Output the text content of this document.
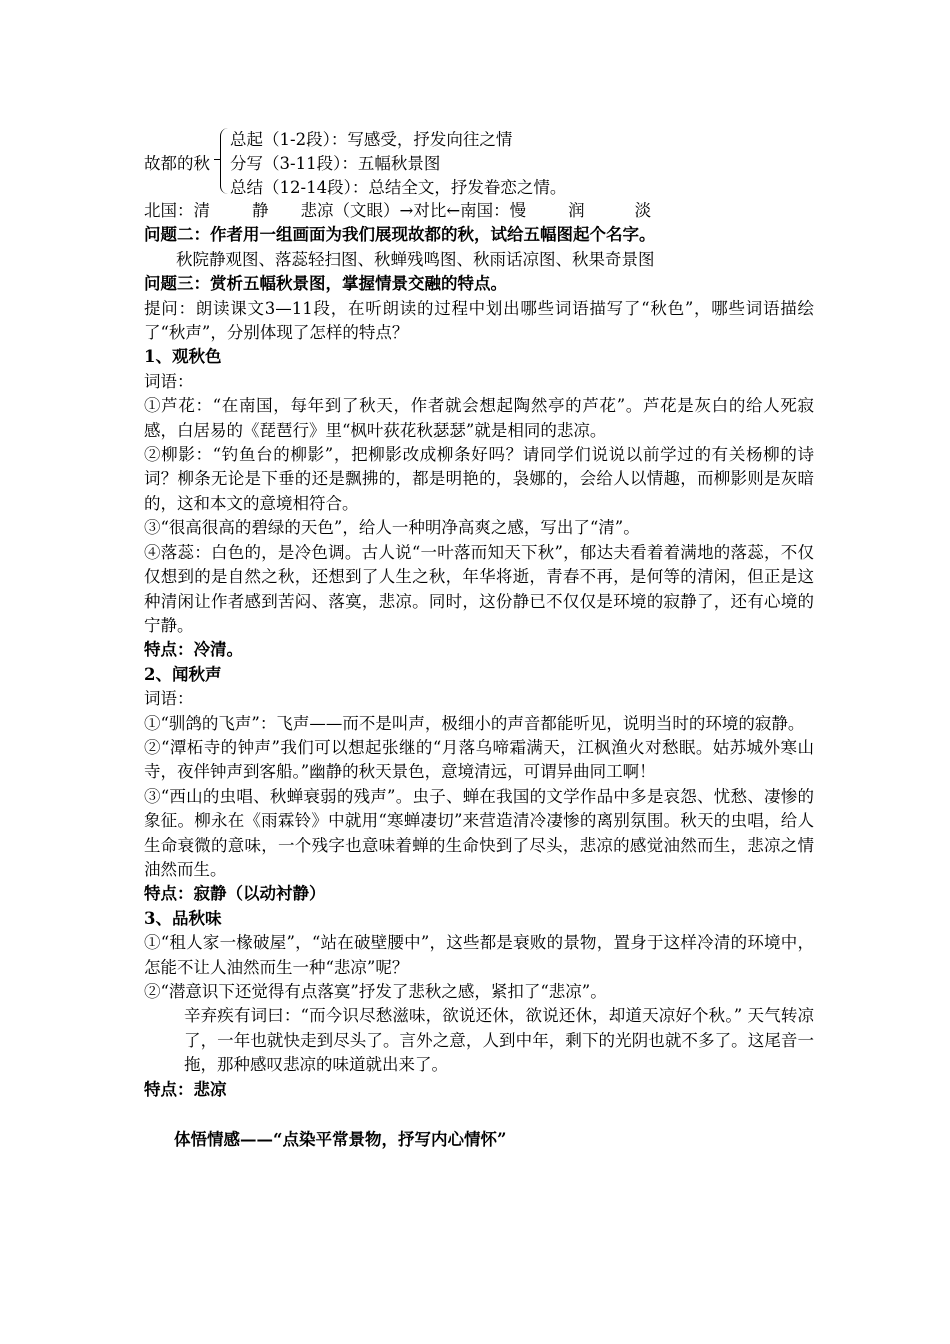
故都的秋
总起（1-2段）：写感受，抒发向往之情
分写（3-11段）：五幅秋景图
总结（12-14段）：总结全文，抒发眷恋之情。
北国：清	静 悲凉（文眼）→对比←南国：慢	润	淡
问题二：作者用一组画面为我们展现故都的秋，试给五幅图起个名字。
秋院静观图、落蕊轻扫图、秋蝉残鸣图、秋雨话凉图、秋果奇景图
问题三：赏析五幅秋景图，掌握情景交融的特点。
提问：朗读课文3—11段，在听朗读的过程中划出哪些词语描写了“秋色”，哪些词语描绘了“秋声”，分别体现了怎样的特点？
1、观秋色
词语：
①芦花：“在南国，每年到了秋天，作者就会想起陶然亭的芦花”。芦花是灰白的给人死寂感，白居易的《琵琶行》里“枫叶荻花秋瑟瑟”就是相同的悲凉。
②柳影：“钓鱼台的柳影”，把柳影改成柳条好吗？请同学们说说以前学过的有关杨柳的诗词？柳条无论是下垂的还是飘拂的，都是明艳的，袅娜的，会给人以情趣，而柳影则是灰暗的，这和本文的意境相符合。
③“很高很高的碧绿的天色”，给人一种明净高爽之感，写出了“清”。
④落蕊：白色的，是冷色调。古人说“一叶落而知天下秋”，郁达夫看着着满地的落蕊，不仅仅想到的是自然之秋，还想到了人生之秋，年华将逝，青春不再，是何等的清闲，但正是这种清闲让作者感到苦闷、落寞，悲凉。同时，这份静已不仅仅是环境的寂静了，还有心境的宁静。
特点：冷清。
2、闻秋声
词语：
①“驯鸽的飞声”：飞声——而不是叫声，极细小的声音都能听见，说明当时的环境的寂静。
②“潭柘寺的钟声”我们可以想起张继的“月落乌啼霜满天，江枫渔火对愁眠。姑苏城外寒山寺，夜伴钟声到客船。”幽静的秋天景色，意境清远，可谓异曲同工啊！
③“西山的虫唱、秋蝉衰弱的残声”。虫子、蝉在我国的文学作品中多是哀怨、忧愁、凄惨的象征。柳永在《雨霖铃》中就用“寒蝉凄切”来营造清冷凄惨的离别氛围。秋天的虫唱，给人生命衰微的意味，一个残字也意味着蝉的生命快到了尽头，悲凉的感觉油然而生，悲凉之情油然而生。
特点：寂静（以动衬静）
3、品秋味
①“租人家一椽破屋”，“站在破壁腰中”，这些都是衰败的景物，置身于这样冷清的环境中，怎能不让人油然而生一种“悲凉”呢？
②“潜意识下还觉得有点落寞”抒发了悲秋之感，紧扣了“悲凉”。
辛弃疾有词曰：“而今识尽愁滋味，欲说还休，欲说还休，却道天凉好个秋。” 天气转凉了，一年也就快走到尽头了。言外之意，人到中年，剩下的光阴也就不多了。这尾音一拖，那种感叹悲凉的味道就出来了。
特点：悲凉
体悟情感——“点染平常景物，抒写内心情怀”
